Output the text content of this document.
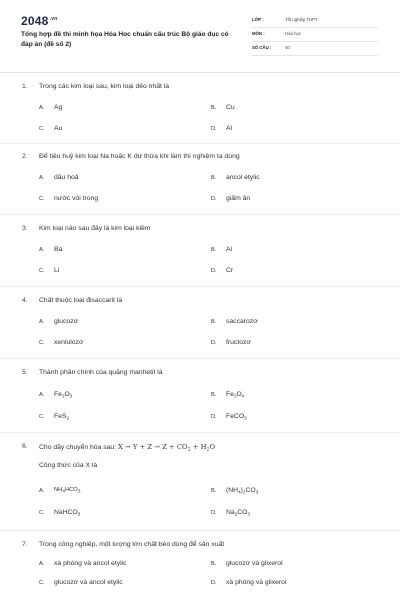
$2048^{.vn}$
Tổng hợp đề thi minh họa Hóa Hoc chuẩn cấu trúc Bộ giáo dục có đáp án (đề số 2)
LỚP :	Tốt nghiệp THPT
MÔN :	Hóa học
SỐ CÂU :	40
1. Trong các kim loại sau, kim loại dẻo nhất là
A. Ag	B. Cu
C. Au	D. Al
2. Để tiêu huỷ kim loại Na hoặc K dư thừa khi làm thí nghiệm ta dùng
A. dầu hoả	B. ancol etylic
C. nước vôi trong	D. giấm ăn
3. Kim loại nào sau đây là kim loại kiềm
A. Ba	B. Al
C. Li	D. Cr
4. Chất thuộc loại đisaccarit là
A. glucozơ	B. saccarozơ
C. xenlulozơ	D. fructozơ
5. Thành phần chính của quặng manhetit là
A. $Fe_2O_3$	B. $Fe_3O_4$
C. FeS$_2$	D. FeCO$_3$
6. Cho dãy chuyển hóa sau: $X \to Y + Z \to Z + CO_2 + H_2O$
Công thức của X là
A. $NH_4HCO_3$	B. $(NH_4)_2CO_3$
C. NaHCO$_3$	D. $Na_2CO_3$
7. Trong công nghiệp, một lượng lớn chất béo dùng để sản xuất
A. xà phòng và ancol etylic	B. glucozơ và glixerol
C. glucozơ và ancol etylic	D. xà phòng và glixerol
